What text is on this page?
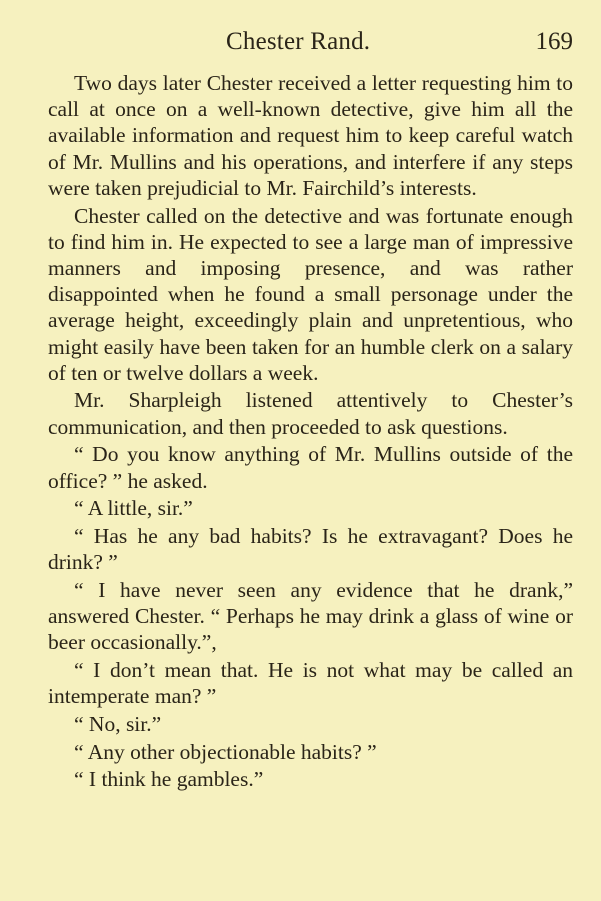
Chester Rand.	169

Two days later Chester received a letter requesting him to call at once on a well-known detective, give him all the available information and request him to keep careful watch of Mr. Mullins and his operations, and interfere if any steps were taken prejudicial to Mr. Fairchild’s interests.

Chester called on the detective and was fortunate enough to find him in. He expected to see a large man of impressive manners and imposing presence, and was rather disappointed when he found a small personage under the average height, exceedingly plain and unpretentious, who might easily have been taken for an humble clerk on a salary of ten or twelve dollars a week.

Mr. Sharpleigh listened attentively to Chester’s communication, and then proceeded to ask questions.

“ Do you know anything of Mr. Mullins outside of the office? ” he asked.

“ A little, sir.”

“ Has he any bad habits? Is he extravagant? Does he drink? ”

“ I have never seen any evidence that he drank,” answered Chester. “ Perhaps he may drink a glass of wine or beer occasionally.”,

“ I don’t mean that. He is not what may be called an intemperate man? ”

“ No, sir.”

“ Any other objectionable habits? ”

“ I think he gambles.”
